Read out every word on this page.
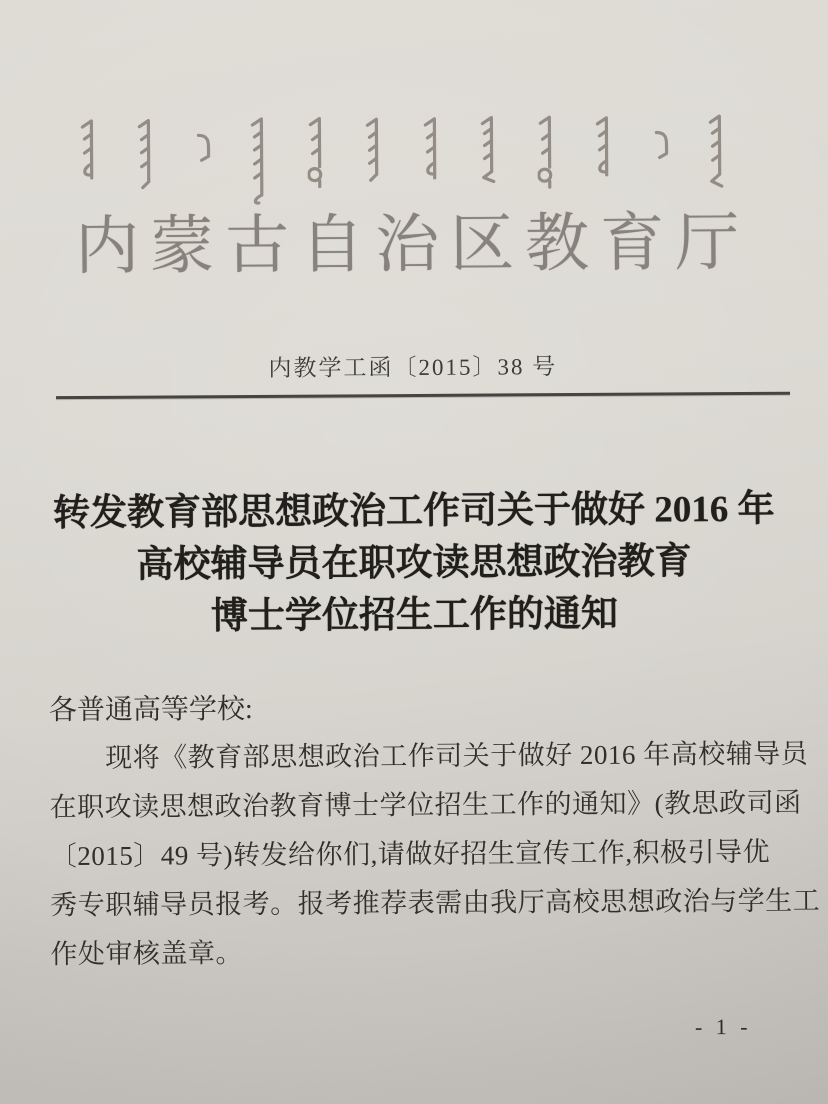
内蒙古自治区教育厅
内教学工函〔2015〕38 号
转发教育部思想政治工作司关于做好 2016 年
高校辅导员在职攻读思想政治教育
博士学位招生工作的通知
各普通高等学校:
现将《教育部思想政治工作司关于做好 2016 年高校辅导员
在职攻读思想政治教育博士学位招生工作的通知》(教思政司函
〔2015〕49 号)转发给你们,请做好招生宣传工作,积极引导优
秀专职辅导员报考。报考推荐表需由我厅高校思想政治与学生工
作处审核盖章。
- 1 -
